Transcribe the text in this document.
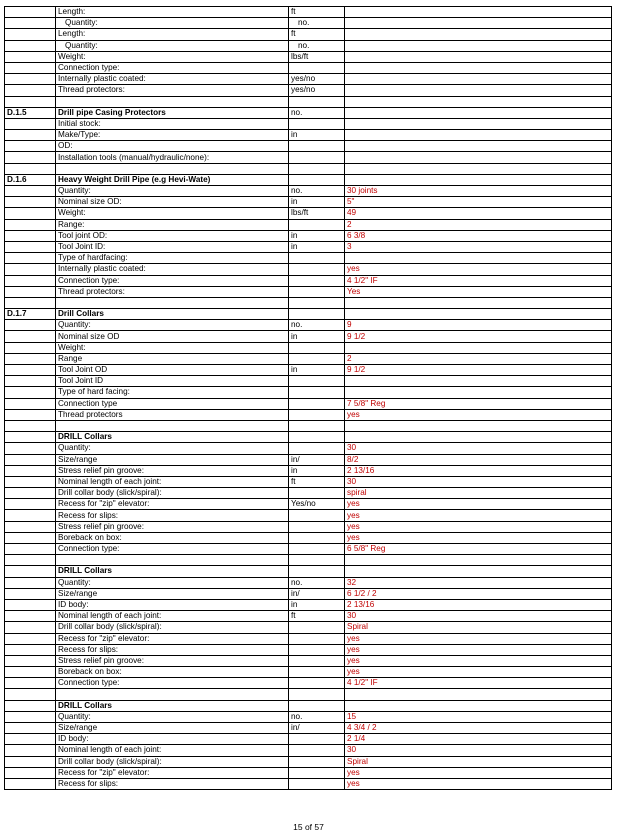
	Length:	ft	
	Quantity:	no.	
	Length:	ft	
	Quantity:	no.	
	Weight:	lbs/ft	
	Connection type:		
	Internally plastic coated:	yes/no	
	Thread protectors:	yes/no	

D.1.5	Drill pipe Casing Protectors	no.	
	Initial stock:		
	Make/Type:	in	
	OD:		
	Installation tools (manual/hydraulic/none):		

D.1.6	Heavy Weight Drill Pipe (e.g Hevi-Wate)		
	Quantity:	no.	30 joints
	Nominal size OD:	in	5"
	Weight:	lbs/ft	49
	Range:		2
	Tool joint OD:	in	6 3/8
	Tool Joint ID:	in	3
	Type of hardfacing:		
	Internally plastic coated:		yes
	Connection type:		4 1/2" IF
	Thread protectors:		Yes

D.1.7	Drill Collars		
	Quantity:	no.	9
	Nominal size OD	in	9 1/2
	Weight:		
	Range		2
	Tool Joint OD	in	9 1/2
	Tool Joint ID		
	Type of hard facing:		
	Connection type		7 5/8" Reg
	Thread protectors		yes

	DRILL Collars		
	Quantity:		30
	Size/range	in/	8/2
	Stress relief pin groove:	in	2 13/16
	Nominal length of each joint:	ft	30
	Drill collar body (slick/spiral):		spiral
	Recess for "zip" elevator:	Yes/no	yes
	Recess for slips:		yes
	Stress relief pin groove:		yes
	Boreback on box:		yes
	Connection type:		6 5/8" Reg

	DRILL Collars		
	Quantity:	no.	32
	Size/range	in/	6 1/2 / 2
	ID body:	in	2 13/16
	Nominal length of each joint:	ft	30
	Drill collar body (slick/spiral):		Spiral
	Recess for "zip" elevator:		yes
	Recess for slips:		yes
	Stress relief pin groove:		yes
	Boreback on box:		yes
	Connection type:		4 1/2" IF

	DRILL Collars		
	Quantity:	no.	15
	Size/range	in/	4 3/4 / 2
	ID body:		2 1/4
	Nominal length of each joint:		30
	Drill collar body (slick/spiral):		Spiral
	Recess for "zip" elevator:		yes
	Recess for slips:		yes
15 of 57
